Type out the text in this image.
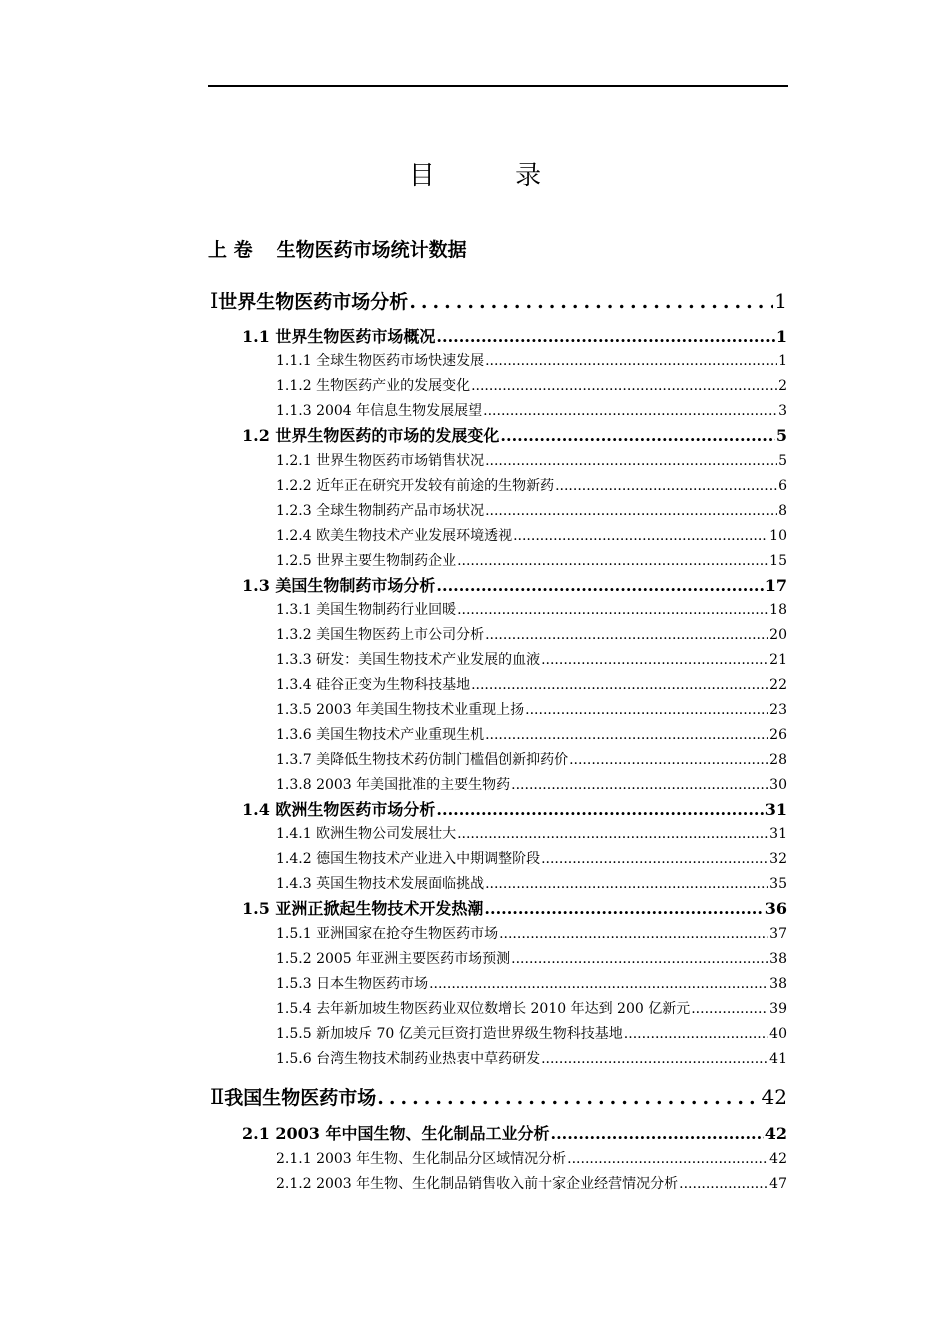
目 录
上 卷 生物医药市场统计数据
Ⅰ 世界生物医药市场分析 .....	1
1.1 世界生物医药市场概况 .....	1
1.1.1 全球生物医药市场快速发展 .....	1
1.1.2 生物医药产业的发展变化 .....	2
1.1.3 2004 年信息生物发展展望 .....	3
1.2 世界生物医药的市场的发展变化 .....	5
1.2.1 世界生物医药市场销售状况 .....	5
1.2.2 近年正在研究开发较有前途的生物新药 .....	6
1.2.3 全球生物制药产品市场状况 .....	8
1.2.4 欧美生物技术产业发展环境透视 .....	10
1.2.5 世界主要生物制药企业 .....	15
1.3 美国生物制药市场分析 .....	17
1.3.1 美国生物制药行业回暖 .....	18
1.3.2 美国生物医药上市公司分析 .....	20
1.3.3 研发：美国生物技术产业发展的血液 .....	21
1.3.4 硅谷正变为生物科技基地 .....	22
1.3.5 2003 年美国生物技术业重现上扬 .....	23
1.3.6 美国生物技术产业重现生机 .....	26
1.3.7 美降低生物技术药仿制门槛倡创新抑药价 .....	28
1.3.8 2003 年美国批准的主要生物药 .....	30
1.4 欧洲生物医药市场分析 .....	31
1.4.1 欧洲生物公司发展壮大 .....	31
1.4.2 德国生物技术产业进入中期调整阶段 .....	32
1.4.3 英国生物技术发展面临挑战 .....	35
1.5 亚洲正掀起生物技术开发热潮 .....	36
1.5.1 亚洲国家在抢夺生物医药市场 .....	37
1.5.2 2005 年亚洲主要医药市场预测 .....	38
1.5.3 日本生物医药市场 .....	38
1.5.4 去年新加坡生物医药业双位数增长 2010 年达到 200 亿新元 .....	39
1.5.5 新加坡斥 70 亿美元巨资打造世界级生物科技基地 .....	40
1.5.6 台湾生物技术制药业热衷中草药研发 .....	41
Ⅱ 我国生物医药市场 .....	42
2.1 2003 年中国生物、生化制品工业分析 .....	42
2.1.1 2003 年生物、生化制品分区域情况分析 .....	42
2.1.2 2003 年生物、生化制品销售收入前十家企业经营情况分析 .....	47
